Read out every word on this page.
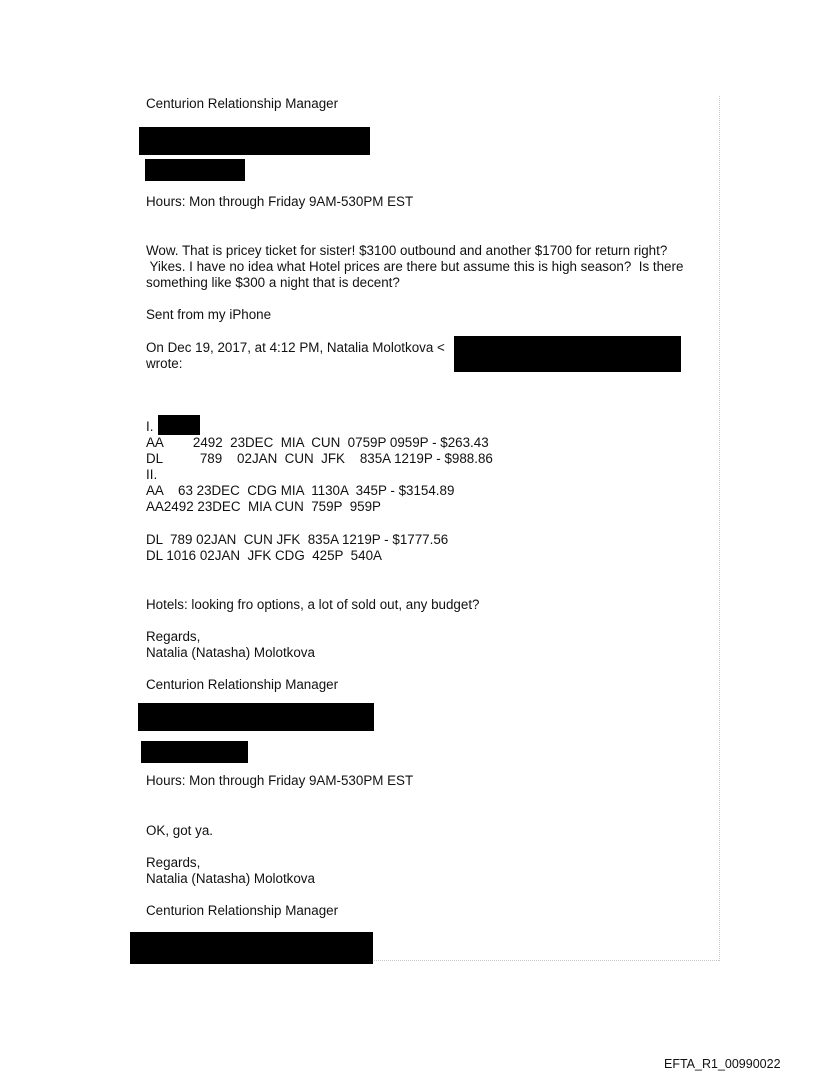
Centurion Relationship Manager
Hours: Mon through Friday 9AM-530PM EST
Wow. That is pricey ticket for sister! $3100 outbound and another $1700 for return right?
Yikes. I have no idea what Hotel prices are there but assume this is high season?  Is there
something like $300 a night that is decent?
Sent from my iPhone
On Dec 19, 2017, at 4:12 PM, Natalia Molotkova <
wrote:
I.
AA        2492  23DEC  MIA  CUN  0759P 0959P - $263.43
DL          789    02JAN  CUN  JFK    835A 1219P - $988.86
II.
AA    63 23DEC  CDG MIA  1130A  345P - $3154.89
AA2492 23DEC  MIA CUN  759P  959P
DL  789 02JAN  CUN JFK  835A 1219P - $1777.56
DL 1016 02JAN  JFK CDG  425P  540A
Hotels: looking fro options, a lot of sold out, any budget?
Regards,
Natalia (Natasha) Molotkova
Centurion Relationship Manager
Hours: Mon through Friday 9AM-530PM EST
OK, got ya.
Regards,
Natalia (Natasha) Molotkova
Centurion Relationship Manager
EFTA_R1_00990022
